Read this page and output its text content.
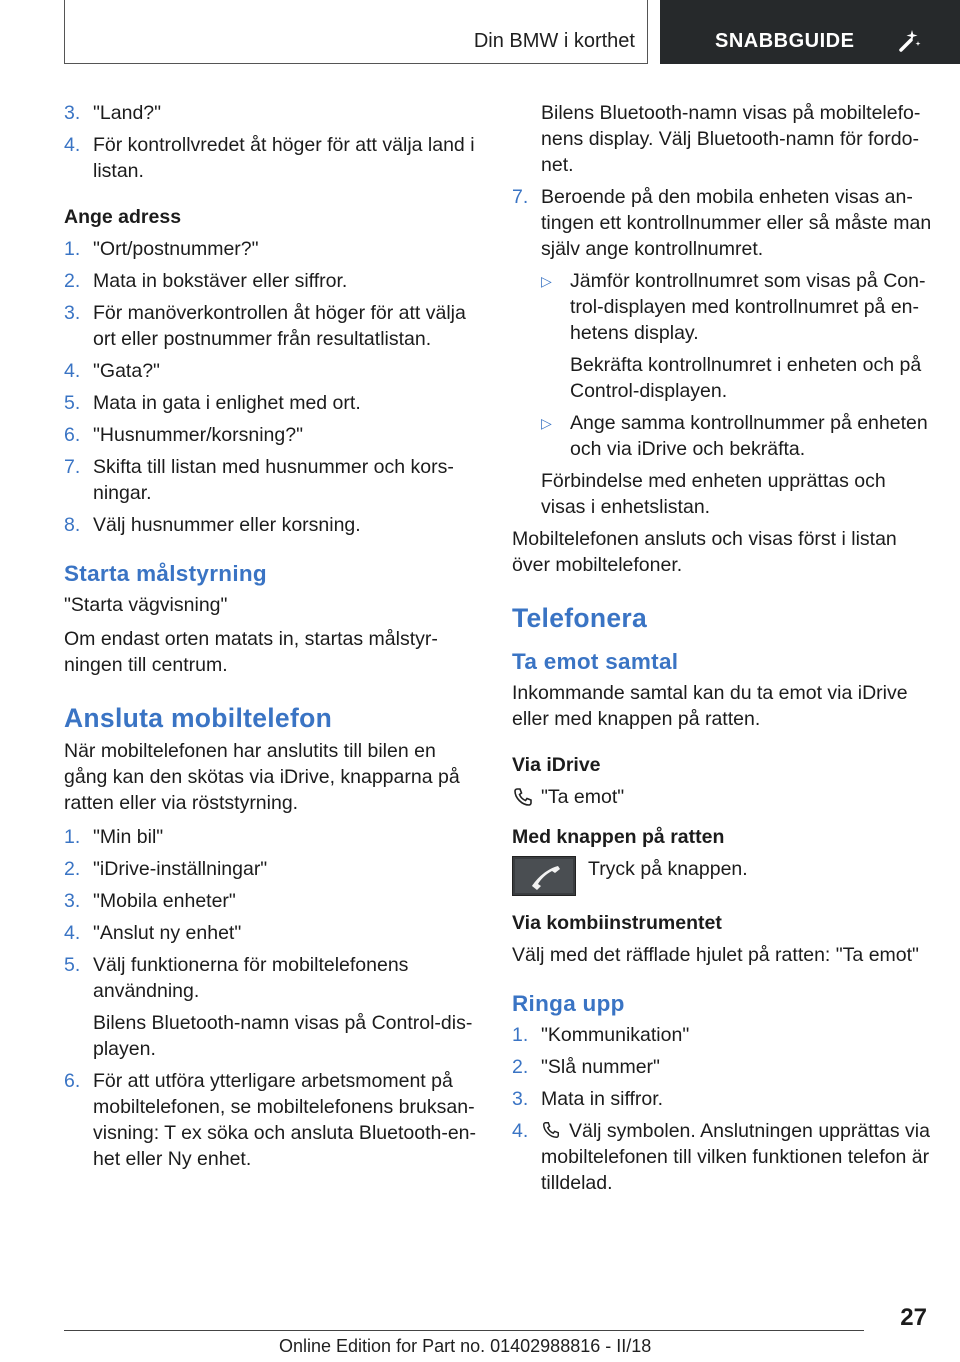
Din BMW i korthet	SNABBGUIDE
3. "Land?"
4. För kontrollvredet åt höger för att välja land i listan.
Ange adress
1. "Ort/postnummer?"
2. Mata in bokstäver eller siffror.
3. För manöverkontrollen åt höger för att välja ort eller postnummer från resultatlistan.
4. "Gata?"
5. Mata in gata i enlighet med ort.
6. "Husnummer/korsning?"
7. Skifta till listan med husnummer och korsningar.
8. Välj husnummer eller korsning.
Starta målstyrning

"Starta vägvisning"

Om endast orten matats in, startas målstyrningen till centrum.

Ansluta mobiltelefon

När mobiltelefonen har anslutits till bilen en gång kan den skötas via iDrive, knapparna på ratten eller via röststyrning.

1. "Min bil"
2. "iDrive-inställningar"
3. "Mobila enheter"
4. "Anslut ny enhet"
5. Välj funktionerna för mobiltelefonens användning.
Bilens Bluetooth-namn visas på Control-displayen.
6. För att utföra ytterligare arbetsmoment på mobiltelefonen, se mobiltelefonens bruksanvisning: T ex söka och ansluta Bluetooth-enhet eller Ny enhet.
Bilens Bluetooth-namn visas på mobiltelefonens display. Välj Bluetooth-namn för fordonet.
7. Beroende på den mobila enheten visas antingen ett kontrollnummer eller så måste man själv ange kontrollnumret.
▷ Jämför kontrollnumret som visas på Control-displayen med kontrollnumret på enhetens display.
Bekräfta kontrollnumret i enheten och på Control-displayen.
▷ Ange samma kontrollnummer på enheten och via iDrive och bekräfta.
Förbindelse med enheten upprättas och visas i enhetslistan.

Mobiltelefonen ansluts och visas först i listan över mobiltelefoner.

Telefonera
Ta emot samtal

Inkommande samtal kan du ta emot via iDrive eller med knappen på ratten.

Via iDrive
"Ta emot"
Med knappen på ratten
Tryck på knappen.
Via kombiinstrumentet

Välj med det räfflade hjulet på ratten: "Ta emot"

Ringa upp
1. "Kommunikation"
2. "Slå nummer"
3. Mata in siffror.
4.	Välj symbolen. Anslutningen upprättas via mobiltelefonen till vilken funktionen telefon är tilldelad.
27
Online Edition for Part no. 01402988816 - II/18
